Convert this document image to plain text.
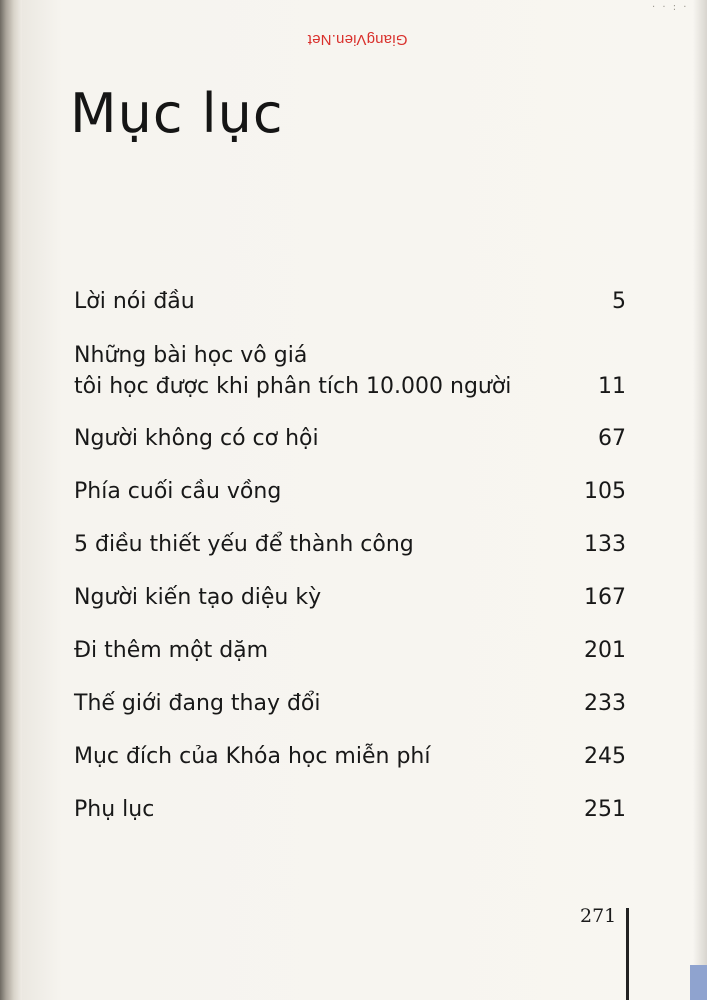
GiangVien.Net
· · : ·
Mục lục
Lời nói đầu	5
Những bài học vô giá
tôi học được khi phân tích 10.000 người	11
Người không có cơ hội	67
Phía cuối cầu vồng	105
5 điều thiết yếu để thành công	133
Người kiến tạo diệu kỳ	167
Đi thêm một dặm	201
Thế giới đang thay đổi	233
Mục đích của Khóa học miễn phí	245
Phụ lục	251
271
